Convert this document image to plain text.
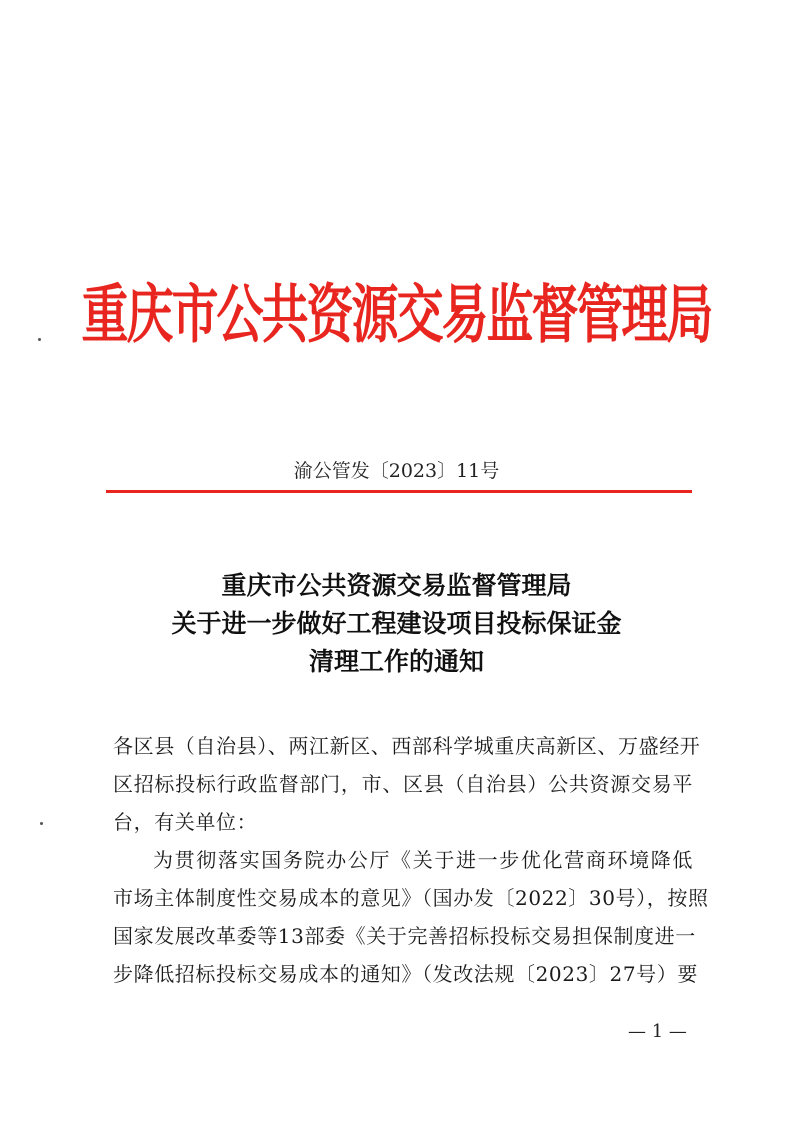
重庆市公共资源交易监督管理局
渝公管发〔2023〕11号
重庆市公共资源交易监督管理局
关于进一步做好工程建设项目投标保证金
清理工作的通知
各区县（自治县）、两江新区、西部科学城重庆高新区、万盛经开
区招标投标行政监督部门，市、区县（自治县）公共资源交易平
台，有关单位：
为贯彻落实国务院办公厅《关于进一步优化营商环境降低
市场主体制度性交易成本的意见》（国办发〔2022〕30号），按照
国家发展改革委等13部委《关于完善招标投标交易担保制度进一
步降低招标投标交易成本的通知》（发改法规〔2023〕27号）要
— 1 —
